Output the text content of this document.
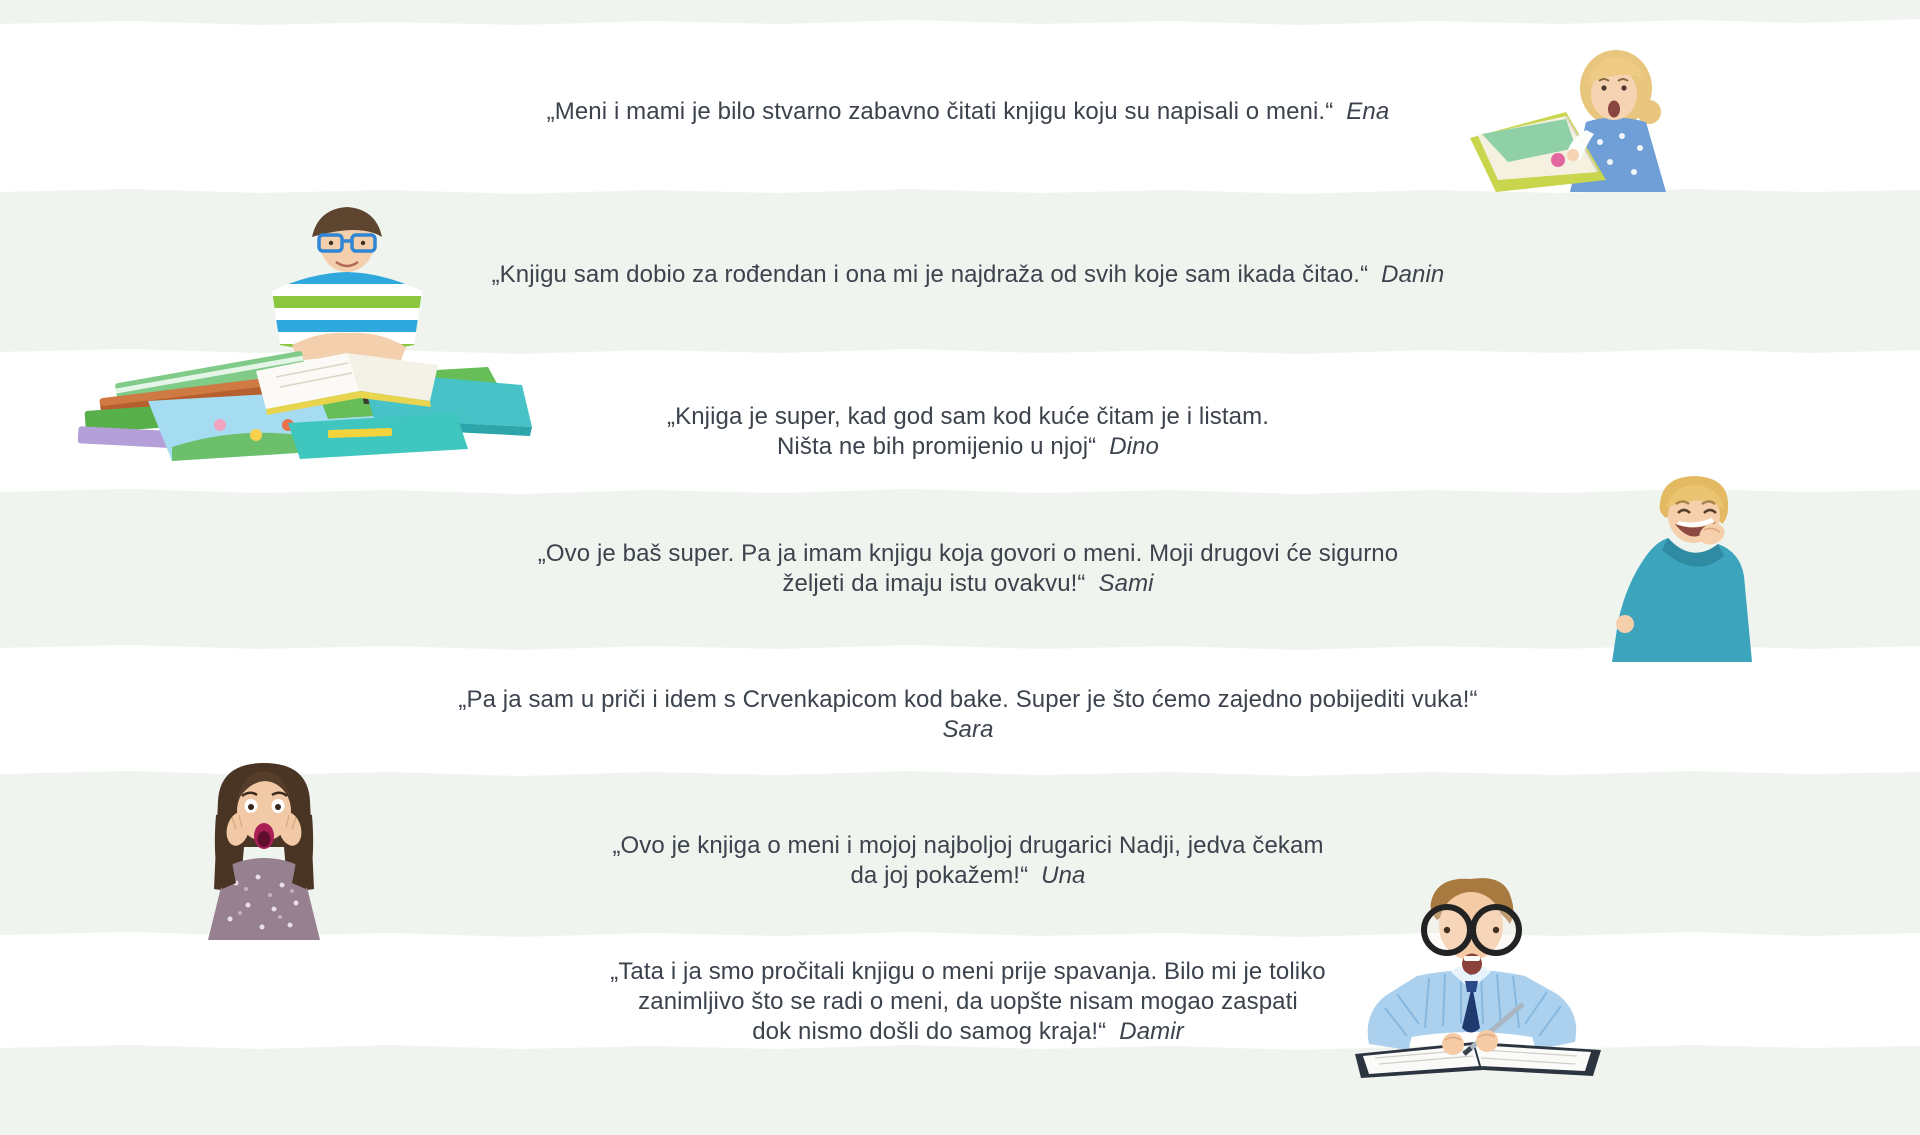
„Meni i mami je bilo stvarno zabavno čitati knjigu koju su napisali o meni.“ Ena
„Knjigu sam dobio za rođendan i ona mi je najdraža od svih koje sam ikada čitao.“ Danin
„Knjiga je super, kad god sam kod kuće čitam je i listam.
Ništa ne bih promijenio u njoj“ Dino
„Ovo je baš super. Pa ja imam knjigu koja govori o meni. Moji drugovi će sigurno
željeti da imaju istu ovakvu!“ Sami
„Pa ja sam u priči i idem s Crvenkapicom kod bake. Super je što ćemo zajedno pobijediti vuka!“
Sara
„Ovo je knjiga o meni i mojoj najboljoj drugarici Nadji, jedva čekam
da joj pokažem!“ Una
„Tata i ja smo pročitali knjigu o meni prije spavanja. Bilo mi je toliko
zanimljivo što se radi o meni, da uopšte nisam mogao zaspati
dok nismo došli do samog kraja!“ Damir
